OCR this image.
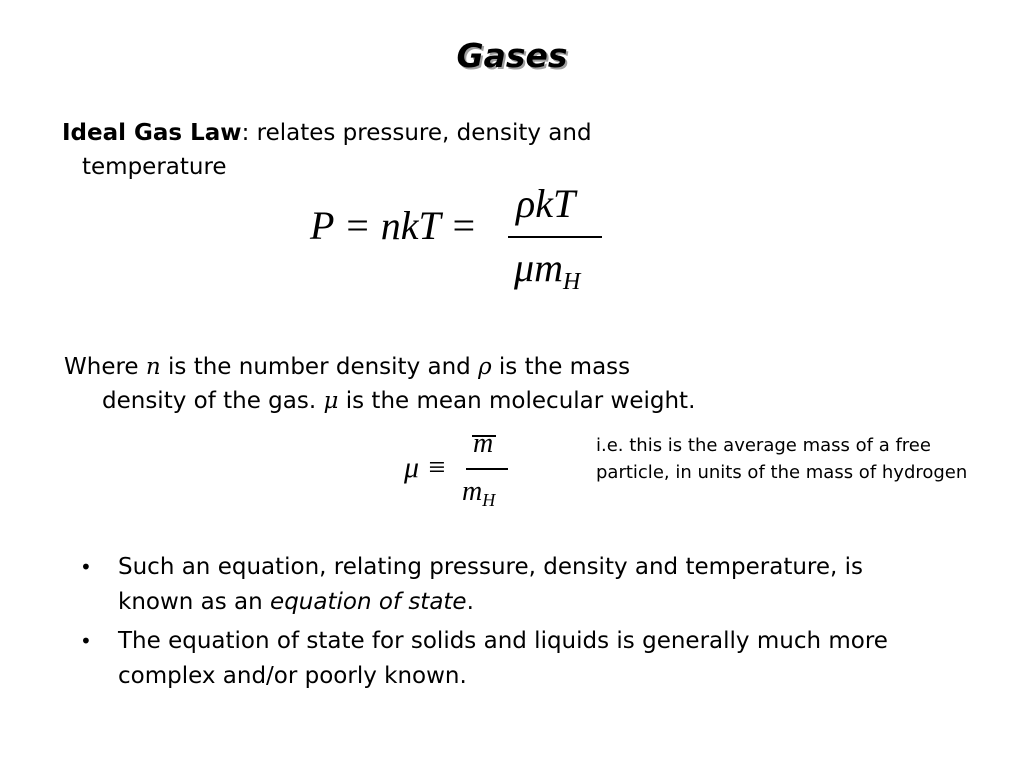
Gases
Ideal Gas Law: relates pressure, density and
temperature
P = nkT = ρkT
$\mu m_H$
Where n is the number density and ρ is the mass
density of the gas. μ is the mean molecular weight.
μ ≡
m
$m_H$
i.e. this is the average mass of a free particle, in units of the mass of hydrogen
• Such an equation, relating pressure, density and temperature, is known as an equation of state.
• The equation of state for solids and liquids is generally much more complex and/or poorly known.
